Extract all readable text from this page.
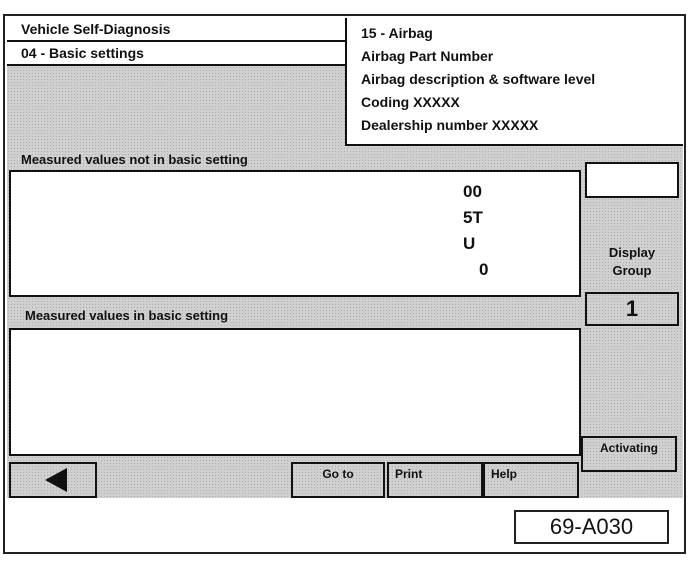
Vehicle Self-Diagnosis
04 - Basic settings
15 - Airbag
Airbag Part Number
Airbag description & software level
Coding XXXXX
Dealership number XXXXX
Measured values not in basic setting
00
5T
U
0
Display
Group
1
Activating
Measured values in basic setting
Go to	Print	Help
69-A030
